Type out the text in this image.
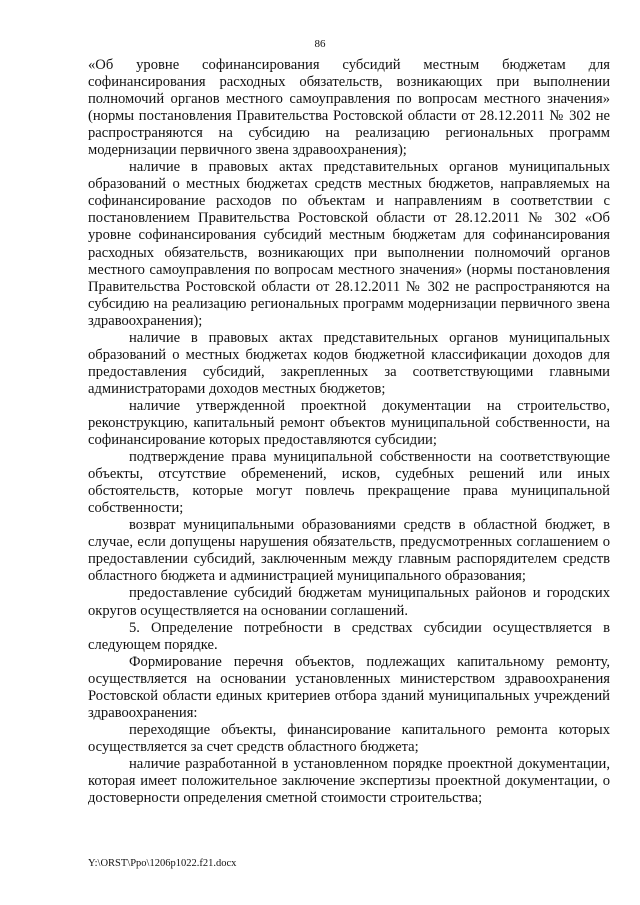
86

«Об уровне софинансирования субсидий местным бюджетам для софинансирования расходных обязательств, возникающих при выполнении полномочий органов местного самоуправления по вопросам местного значения» (нормы постановления Правительства Ростовской области от 28.12.2011 № 302 не распространяются на субсидию на реализацию региональных программ модернизации первичного звена здравоохранения);

наличие в правовых актах представительных органов муниципальных образований о местных бюджетах средств местных бюджетов, направляемых на софинансирование расходов по объектам и направлениям в соответствии с постановлением Правительства Ростовской области от 28.12.2011 № 302 «Об уровне софинансирования субсидий местным бюджетам для софинансирования расходных обязательств, возникающих при выполнении полномочий органов местного самоуправления по вопросам местного значения» (нормы постановления Правительства Ростовской области от 28.12.2011 № 302 не распространяются на субсидию на реализацию региональных программ модернизации первичного звена здравоохранения);

наличие в правовых актах представительных органов муниципальных образований о местных бюджетах кодов бюджетной классификации доходов для предоставления субсидий, закрепленных за соответствующими главными администраторами доходов местных бюджетов;

наличие утвержденной проектной документации на строительство, реконструкцию, капитальный ремонт объектов муниципальной собственности, на софинансирование которых предоставляются субсидии;

подтверждение права муниципальной собственности на соответствующие объекты, отсутствие обременений, исков, судебных решений или иных обстоятельств, которые могут повлечь прекращение права муниципальной собственности;

возврат муниципальными образованиями средств в областной бюджет, в случае, если допущены нарушения обязательств, предусмотренных соглашением о предоставлении субсидий, заключенным между главным распорядителем средств областного бюджета и администрацией муниципального образования;

предоставление субсидий бюджетам муниципальных районов и городских округов осуществляется на основании соглашений.

5. Определение потребности в средствах субсидии осуществляется в следующем порядке.

Формирование перечня объектов, подлежащих капитальному ремонту, осуществляется на основании установленных министерством здравоохранения Ростовской области единых критериев отбора зданий муниципальных учреждений здравоохранения:

переходящие объекты, финансирование капитального ремонта которых осуществляется за счет средств областного бюджета;

наличие разработанной в установленном порядке проектной документации, которая имеет положительное заключение экспертизы проектной документации, о достоверности определения сметной стоимости строительства;

Y:\ORST\Ppo\1206p1022.f21.docx
